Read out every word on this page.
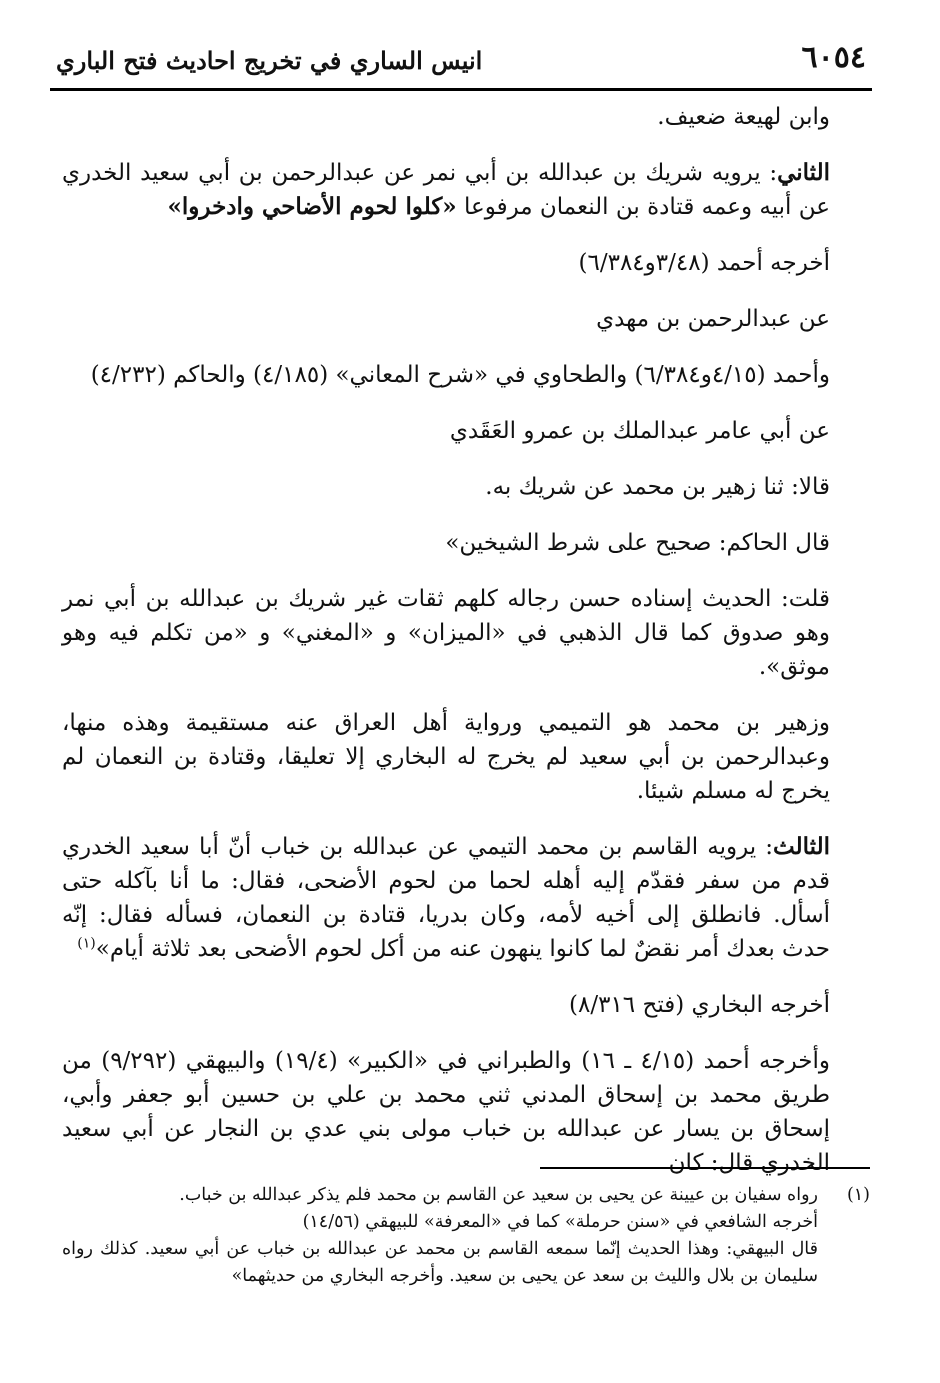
٦٠٥٤
انيس الساري في تخريج احاديث فتح الباري

وابن لهيعة ضعيف.

الثاني: يرويه شريك بن عبدالله بن أبي نمر عن عبدالرحمن بن أبي سعيد الخدري عن أبيه وعمه قتادة بن النعمان مرفوعا «كلوا لحوم الأضاحي وادخروا»

أخرجه أحمد (٣/٤٨و٦/٣٨٤)

عن عبدالرحمن بن مهدي

وأحمد (٤/١٥و٦/٣٨٤) والطحاوي في «شرح المعاني» (٤/١٨٥) والحاكم (٤/٢٣٢)

عن أبي عامر عبدالملك بن عمرو العَقَدي

قالا: ثنا زهير بن محمد عن شريك به.

قال الحاكم: صحيح على شرط الشيخين»

قلت: الحديث إسناده حسن رجاله كلهم ثقات غير شريك بن عبدالله بن أبي نمر وهو صدوق كما قال الذهبي في «الميزان» و «المغني» و «من تكلم فيه وهو موثق».

وزهير بن محمد هو التميمي ورواية أهل العراق عنه مستقيمة وهذه منها، وعبدالرحمن بن أبي سعيد لم يخرج له البخاري إلا تعليقا، وقتادة بن النعمان لم يخرج له مسلم شيئا.

الثالث: يرويه القاسم بن محمد التيمي عن عبدالله بن خباب أنّ أبا سعيد الخدري قدم من سفر فقدّم إليه أهله لحما من لحوم الأضحى، فقال: ما أنا بآكله حتى أسأل. فانطلق إلى أخيه لأمه، وكان بدريا، قتادة بن النعمان، فسأله فقال: إنّه حدث بعدك أمر نقضٌ لما كانوا ينهون عنه من أكل لحوم الأضحى بعد ثلاثة أيام»$^{(١)}$

أخرجه البخاري (فتح ٨/٣١٦)

وأخرجه أحمد (٤/١٥ ـ ١٦) والطبراني في «الكبير» (١٩/٤) والبيهقي (٩/٢٩٢) من طريق محمد بن إسحاق المدني ثني محمد بن علي بن حسين أبو جعفر وأبي، إسحاق بن يسار عن عبدالله بن خباب مولى بني عدي بن النجار عن أبي سعيد الخدري قال: كان

(١)
رواه سفيان بن عيينة عن يحيى بن سعيد عن القاسم بن محمد فلم يذكر عبدالله بن خباب.
أخرجه الشافعي في «سنن حرملة» كما في «المعرفة» للبيهقي (١٤/٥٦)
قال البيهقي: وهذا الحديث إنّما سمعه القاسم بن محمد عن عبدالله بن خباب عن أبي سعيد. كذلك رواه سليمان بن بلال والليث بن سعد عن يحيى بن سعيد. وأخرجه البخاري من حديثهما»
